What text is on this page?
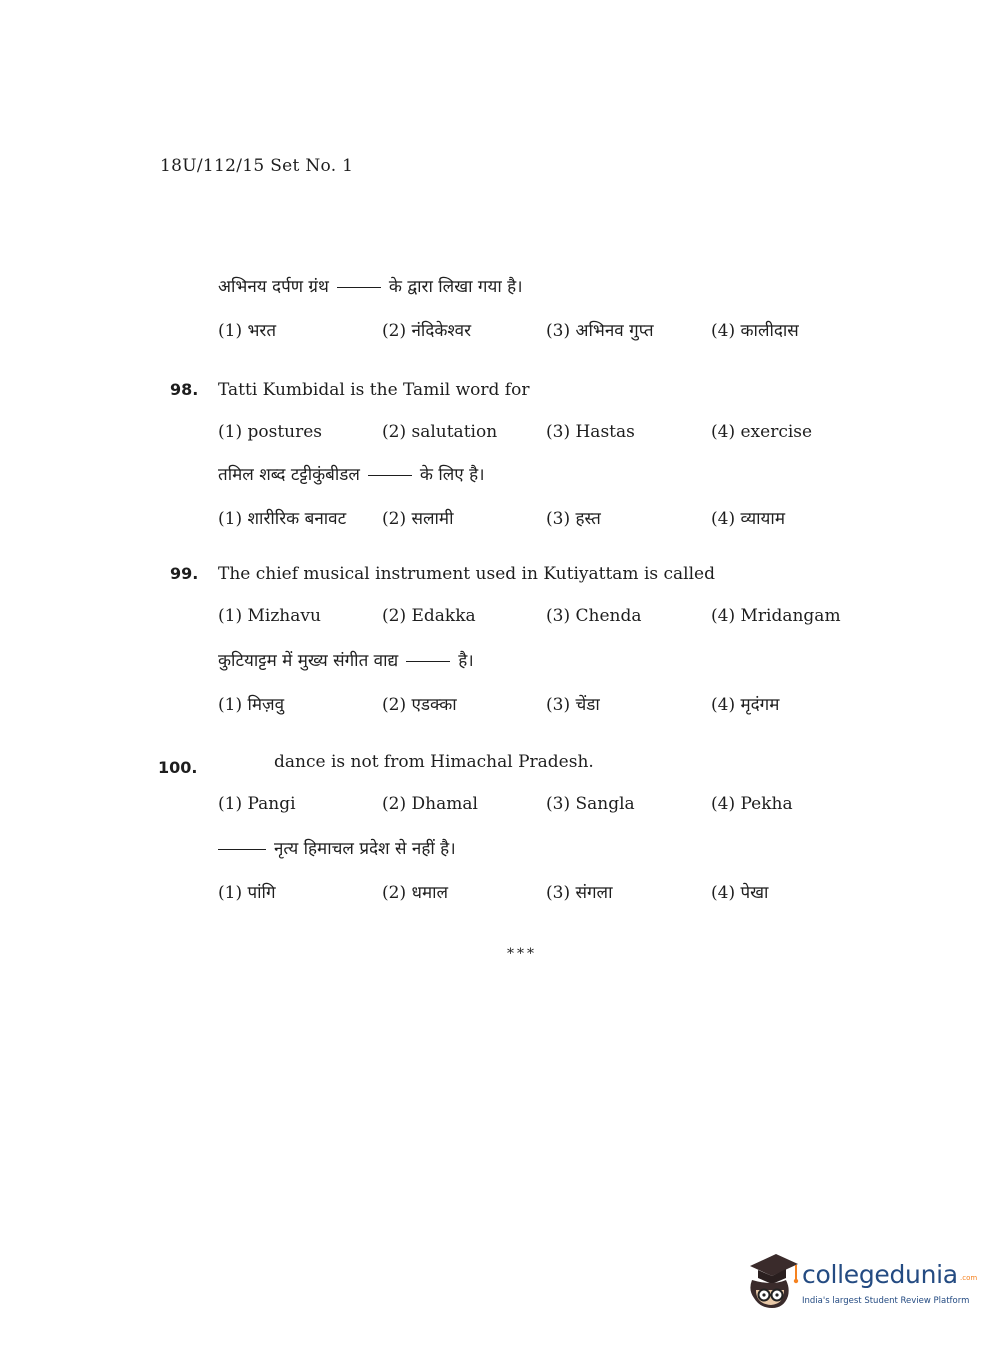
18U/112/15 Set No. 1
अभिनय दर्पण ग्रंथ	के द्वारा लिखा गया है।
(1) भरत	(2) नंदिकेश्वर	(3) अभिनव गुप्त	(4) कालीदास
98. Tatti Kumbidal is the Tamil word for
(1) postures	(2) salutation	(3) Hastas	(4) exercise
तमिल शब्द टट्टीकुंबीडल	के लिए है।
(1) शारीरिक बनावट (2) सलामी	(3) हस्त	(4) व्यायाम
99. The chief musical instrument used in Kutiyattam is called
(1) Mizhavu	(2) Edakka	(3) Chenda	(4) Mridangam
कुटियाट्टम में मुख्य संगीत वाद्य	है।
(1) मिज़वु	(2) एडक्का	(3) चेंडा	(4) मृदंगम
100.	dance is not from Himachal Pradesh.
(1) Pangi	(2) Dhamal	(3) Sangla	(4) Pekha
नृत्य हिमाचल प्रदेश से नहीं है।
(1) पांगि	(2) धमाल	(3) संगला	(4) पेखा
***
collegedunia .com
India's largest Student Review Platform
